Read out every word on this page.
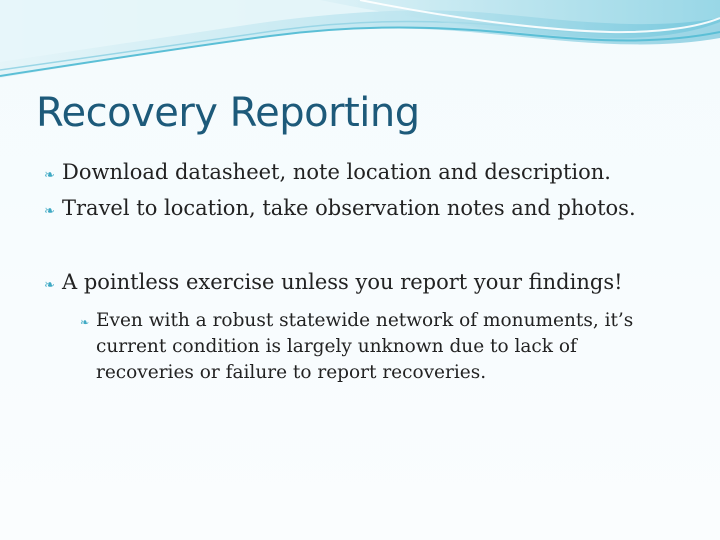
Recovery Reporting
❧ Download datasheet, note location and description.
❧ Travel to location, take observation notes and photos.
❧ A pointless exercise unless you report your findings!
❧ Even with a robust statewide network of monuments, it’s current condition is largely unknown due to lack of recoveries or failure to report recoveries.
